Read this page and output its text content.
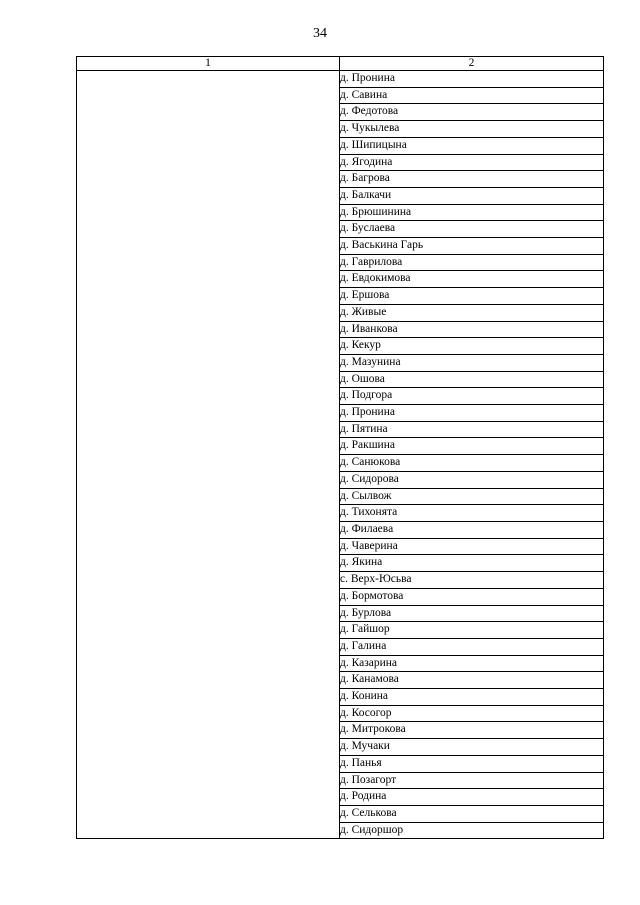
34
1	2
	д. Пронина
	д. Савина
	д. Федотова
	д. Чукылева
	д. Шипицына
	д. Ягодина
	д. Багрова
	д. Балкачи
	д. Брюшинина
	д. Буслаева
	д. Васькина Гарь
	д. Гаврилова
	д. Евдокимова
	д. Ершова
	д. Живые
	д. Иванкова
	д. Кекур
	д. Мазунина
	д. Ошова
	д. Подгора
	д. Пронина
	д. Пятина
	д. Ракшина
	д. Санюкова
	д. Сидорова
	д. Сылвож
	д. Тихонята
	д. Филаева
	д. Чаверина
	д. Якина
	с. Верх-Юсьва
	д. Бормотова
	д. Бурлова
	д. Гайшор
	д. Галина
	д. Казарина
	д. Канамова
	д. Конина
	д. Косогор
	д. Митрокова
	д. Мучаки
	д. Панья
	д. Позагорт
	д. Родина
	д. Селькова
	д. Сидоршор
